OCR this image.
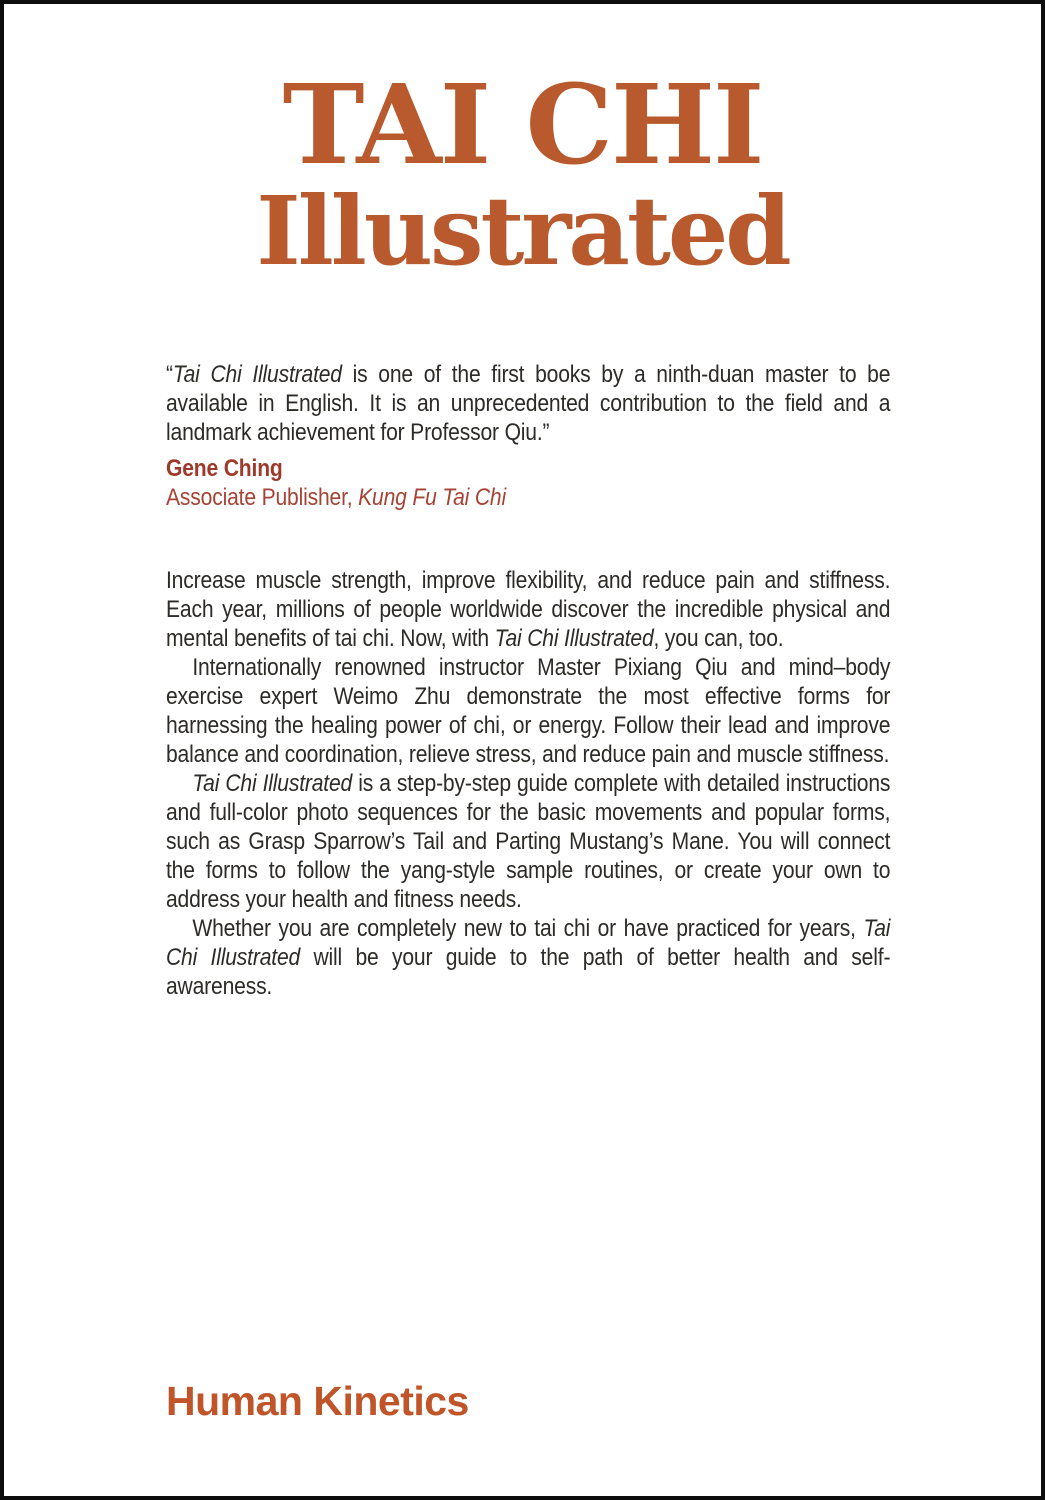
TAI CHI
Illustrated

“Tai Chi Illustrated is one of the first books by a ninth-duan master to be available in English. It is an unprecedented contribution to the field and a landmark achievement for Professor Qiu.”

Gene Ching

Associate Publisher, Kung Fu Tai Chi

Increase muscle strength, improve flexibility, and reduce pain and stiffness. Each year, millions of people worldwide discover the incredible physical and mental benefits of tai chi. Now, with Tai Chi Illustrated, you can, too.

Internationally renowned instructor Master Pixiang Qiu and mind–body exercise expert Weimo Zhu demonstrate the most effective forms for harnessing the healing power of chi, or energy. Follow their lead and improve balance and coordination, relieve stress, and reduce pain and muscle stiffness.

Tai Chi Illustrated is a step-by-step guide complete with detailed instructions and full-color photo sequences for the basic movements and popular forms, such as Grasp Sparrow’s Tail and Parting Mustang’s Mane. You will connect the forms to follow the yang-style sample routines, or create your own to address your health and fitness needs.

Whether you are completely new to tai chi or have practiced for years, Tai Chi Illustrated will be your guide to the path of better health and self-awareness.

Human Kinetics
